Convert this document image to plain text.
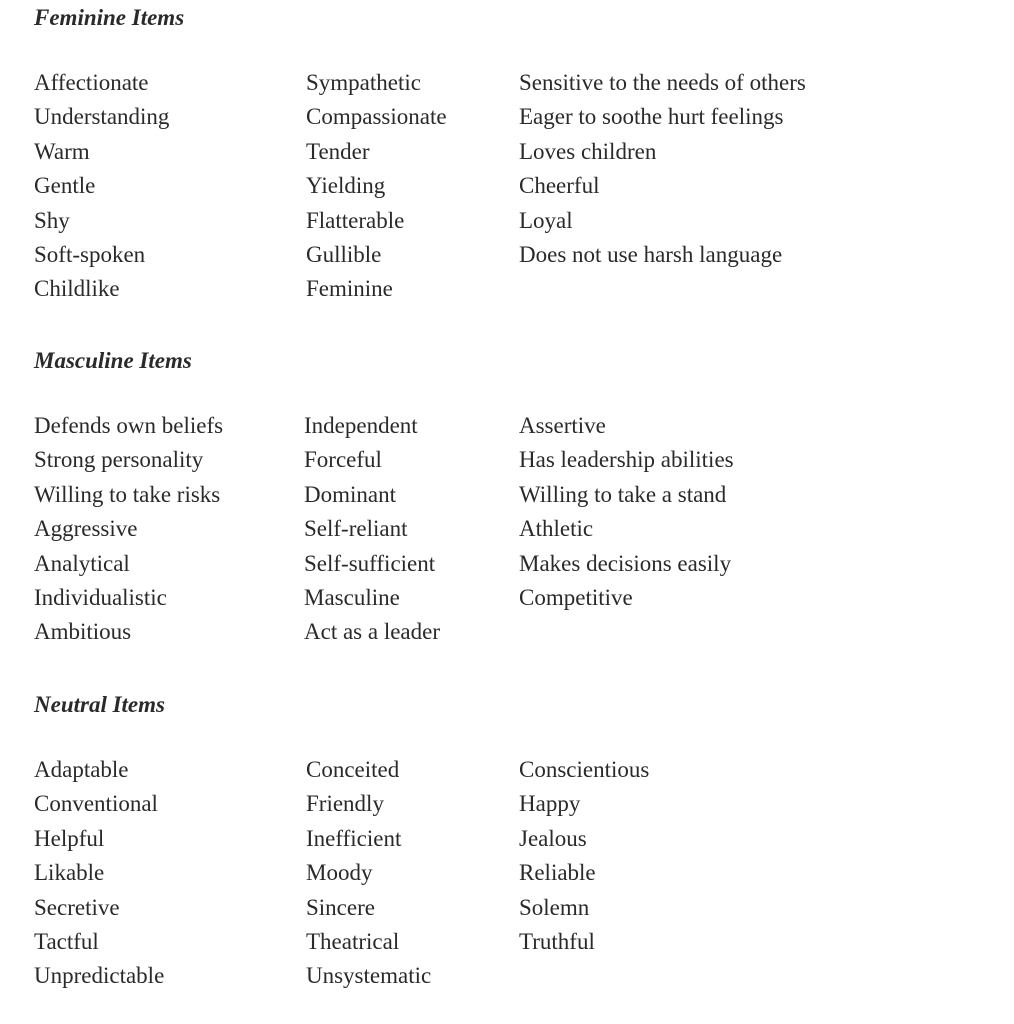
Feminine Items
Affectionate
Understanding
Warm
Gentle
Shy
Soft-spoken
Childlike
Sympathetic
Compassionate
Tender
Yielding
Flatterable
Gullible
Feminine
Sensitive to the needs of others
Eager to soothe hurt feelings
Loves children
Cheerful
Loyal
Does not use harsh language
Masculine Items
Defends own beliefs
Strong personality
Willing to take risks
Aggressive
Analytical
Individualistic
Ambitious
Independent
Forceful
Dominant
Self-reliant
Self-sufficient
Masculine
Act as a leader
Assertive
Has leadership abilities
Willing to take a stand
Athletic
Makes decisions easily
Competitive
Neutral Items
Adaptable
Conventional
Helpful
Likable
Secretive
Tactful
Unpredictable
Conceited
Friendly
Inefficient
Moody
Sincere
Theatrical
Unsystematic
Conscientious
Happy
Jealous
Reliable
Solemn
Truthful
